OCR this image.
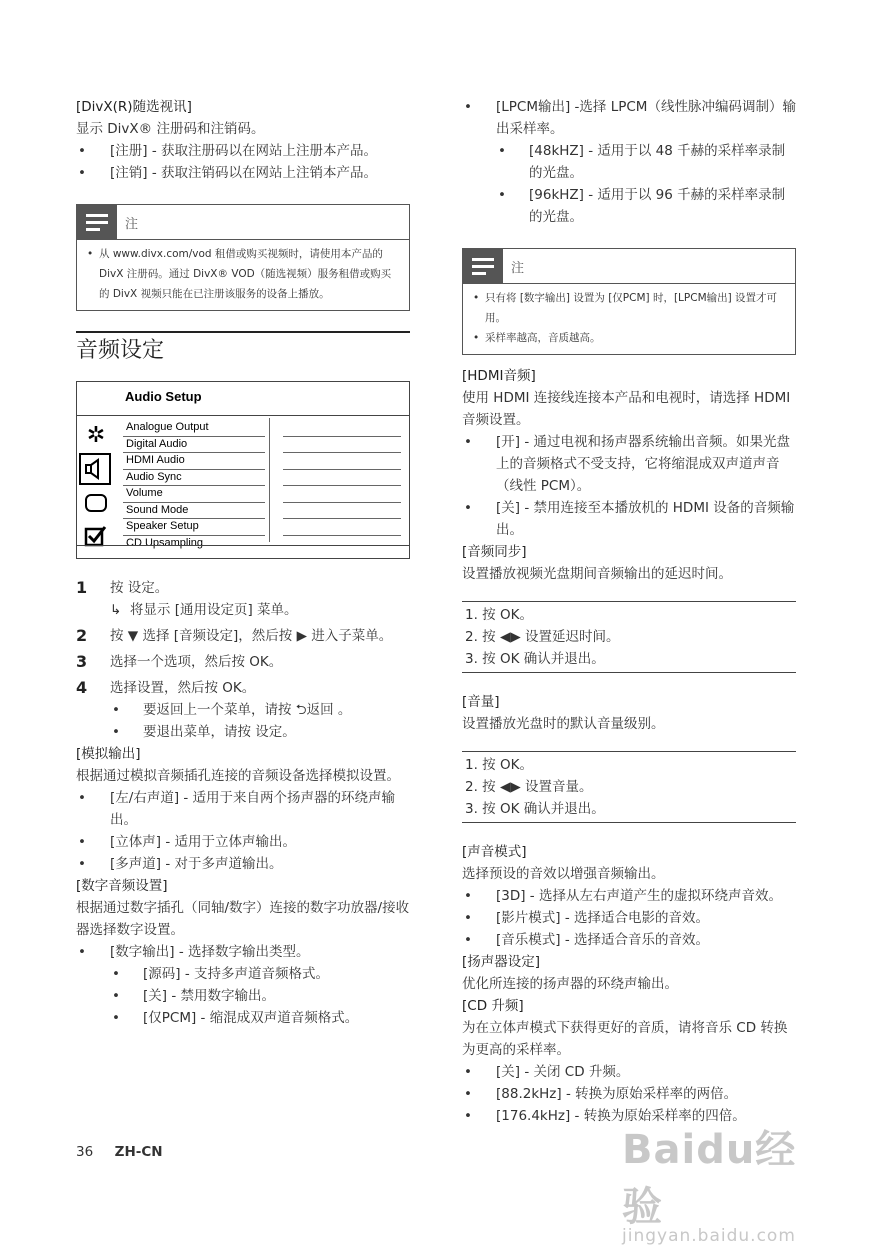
[DivX(R)随选视讯]
显示 DivX® 注册码和注销码。
• [注册] - 获取注册码以在网站上注册本产品。
• [注销] - 获取注销码以在网站上注销本产品。
注
• 从 www.divx.com/vod 租借或购买视频时，请使用本产品的 DivX 注册码。通过 DivX® VOD（随选视频）服务租借或购买的 DivX 视频只能在已注册该服务的设备上播放。
音频设定
Audio Setup
✲	Analogue Output
Digital Audio
HDMI Audio
Audio Sync
Volume
Sound Mode
Speaker Setup
CD Upsampling
1 按 设定。
↳  将显示 [通用设定页] 菜单。
2 按 ▼ 选择 [音频设定]，然后按 ▶ 进入子菜单。
3 选择一个选项，然后按 OK。
4 选择设置，然后按 OK。
• 要返回上一个菜单，请按 ⮌返回 。
• 要退出菜单，请按 设定。
[模拟输出]
根据通过模拟音频插孔连接的音频设备选择模拟设置。
• [左/右声道] - 适用于来自两个扬声器的环绕声输出。
• [立体声] - 适用于立体声输出。
• [多声道] - 对于多声道输出。
[数字音频设置]
根据通过数字插孔（同轴/数字）连接的数字功放器/接收器选择数字设置。
• [数字输出] - 选择数字输出类型。
• [源码] - 支持多声道音频格式。
• [关] - 禁用数字输出。
• [仅PCM] - 缩混成双声道音频格式。
• [LPCM输出] -选择 LPCM（线性脉冲编码调制）输出采样率。
• [48kHZ] - 适用于以 48 千赫的采样率录制的光盘。
• [96kHZ] - 适用于以 96 千赫的采样率录制的光盘。
注
• 只有将 [数字输出] 设置为 [仅PCM] 时，[LPCM输出] 设置才可用。
• 采样率越高，音质越高。
[HDMI音频]
使用 HDMI 连接线连接本产品和电视时，请选择 HDMI 音频设置。
• [开] - 通过电视和扬声器系统输出音频。如果光盘上的音频格式不受支持，它将缩混成双声道声音（线性 PCM）。
• [关] - 禁用连接至本播放机的 HDMI 设备的音频输出。
[音频同步]
设置播放视频光盘期间音频输出的延迟时间。
1. 按 OK。
2. 按 ◀▶ 设置延迟时间。
3. 按 OK 确认并退出。
[音量]
设置播放光盘时的默认音量级别。
1. 按 OK。
2. 按 ◀▶ 设置音量。
3. 按 OK 确认并退出。
[声音模式]
选择预设的音效以增强音频输出。
• [3D] - 选择从左右声道产生的虚拟环绕声音效。
• [影片模式] - 选择适合电影的音效。
• [音乐模式] - 选择适合音乐的音效。
[扬声器设定]
优化所连接的扬声器的环绕声输出。
[CD 升频]
为在立体声模式下获得更好的音质，请将音乐 CD 转换为更高的采样率。
• [关] - 关闭 CD 升频。
• [88.2kHz] - 转换为原始采样率的两倍。
• [176.4kHz] - 转换为原始采样率的四倍。
36 ZH-CN	Baidu经验
jingyan.baidu.com
